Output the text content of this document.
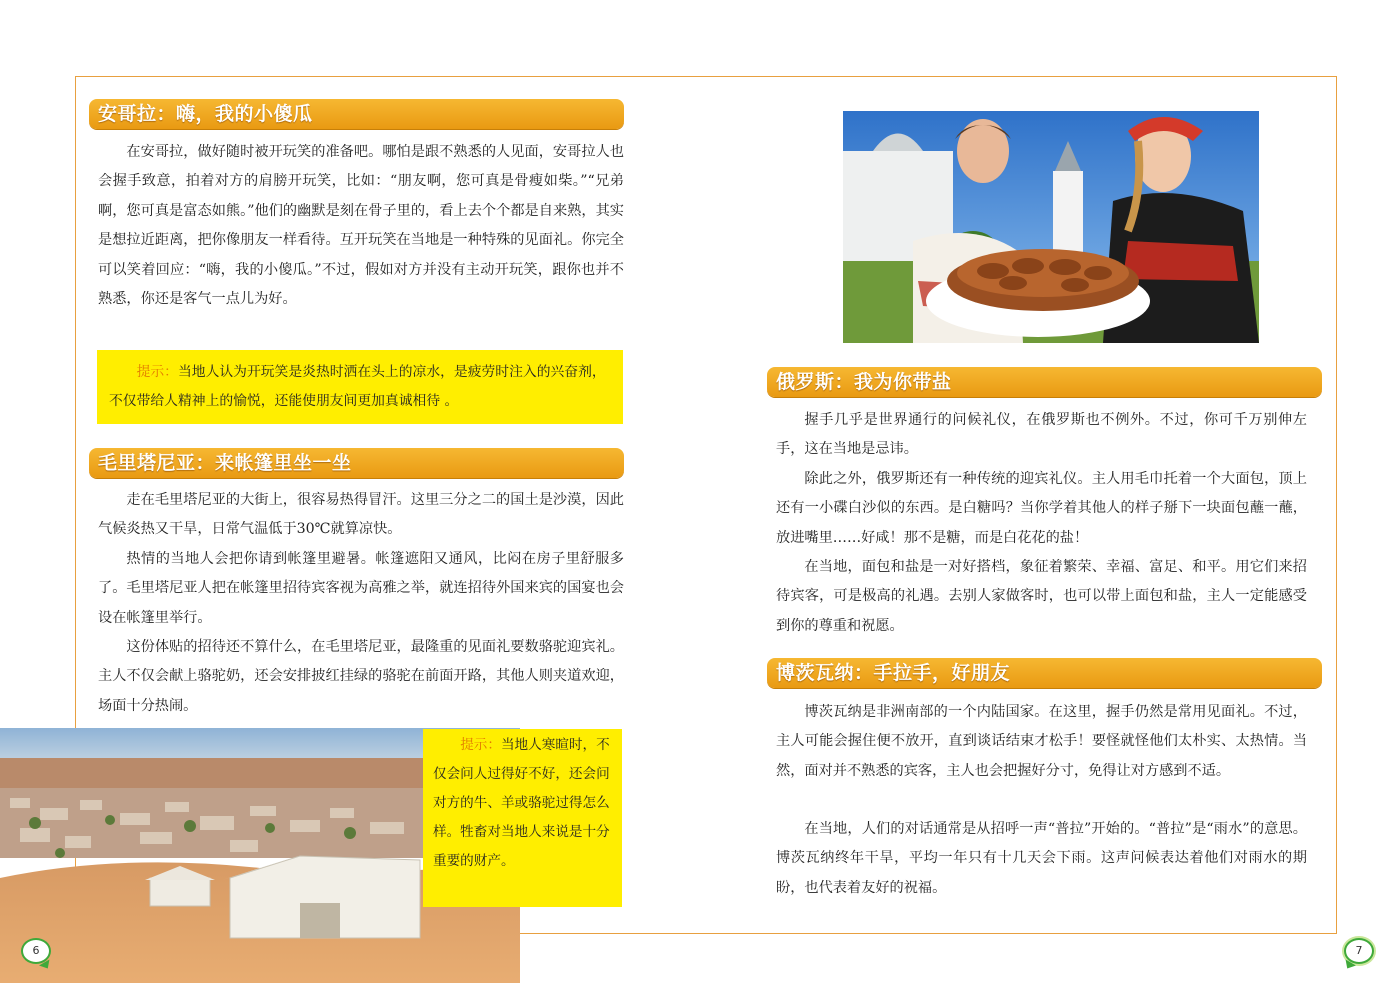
安哥拉：嗨，我的小傻瓜

在安哥拉，做好随时被开玩笑的准备吧。哪怕是跟不熟悉的人见面，安哥拉人也会握手致意，拍着对方的肩膀开玩笑，比如：“朋友啊，您可真是骨瘦如柴。”“兄弟啊，您可真是富态如熊。”他们的幽默是刻在骨子里的，看上去个个都是自来熟，其实是想拉近距离，把你像朋友一样看待。互开玩笑在当地是一种特殊的见面礼。你完全可以笑着回应：“嗨，我的小傻瓜。”不过，假如对方并没有主动开玩笑，跟你也并不熟悉，你还是客气一点儿为好。

提示：当地人认为开玩笑是炎热时洒在头上的凉水，是疲劳时注入的兴奋剂，不仅带给人精神上的愉悦，还能使朋友间更加真诚相待 。
毛里塔尼亚：来帐篷里坐一坐

走在毛里塔尼亚的大街上，很容易热得冒汗。这里三分之二的国土是沙漠，因此气候炎热又干旱，日常气温低于30℃就算凉快。

热情的当地人会把你请到帐篷里避暑。帐篷遮阳又通风，比闷在房子里舒服多了。毛里塔尼亚人把在帐篷里招待宾客视为高雅之举，就连招待外国来宾的国宴也会设在帐篷里举行。

这份体贴的招待还不算什么，在毛里塔尼亚，最隆重的见面礼要数骆驼迎宾礼。主人不仅会献上骆驼奶，还会安排披红挂绿的骆驼在前面开路，其他人则夹道欢迎，场面十分热闹。

提示：当地人寒暄时，不仅会问人过得好不好，还会问对方的牛、羊或骆驼过得怎么样。牲畜对当地人来说是十分重要的财产。
6
俄罗斯：我为你带盐

握手几乎是世界通行的问候礼仪，在俄罗斯也不例外。不过，你可千万别伸左手，这在当地是忌讳。

除此之外，俄罗斯还有一种传统的迎宾礼仪。主人用毛巾托着一个大面包，顶上还有一小碟白沙似的东西。是白糖吗？当你学着其他人的样子掰下一块面包蘸一蘸，放进嘴里……好咸！那不是糖，而是白花花的盐！

在当地，面包和盐是一对好搭档，象征着繁荣、幸福、富足、和平。用它们来招待宾客，可是极高的礼遇。去别人家做客时，也可以带上面包和盐，主人一定能感受到你的尊重和祝愿。

博茨瓦纳：手拉手，好朋友

博茨瓦纳是非洲南部的一个内陆国家。在这里，握手仍然是常用见面礼。不过，主人可能会握住便不放开，直到谈话结束才松手！要怪就怪他们太朴实、太热情。当然，面对并不熟悉的宾客，主人也会把握好分寸，免得让对方感到不适。

在当地，人们的对话通常是从招呼一声“普拉”开始的。“普拉”是“雨水”的意思。博茨瓦纳终年干旱，平均一年只有十几天会下雨。这声问候表达着他们对雨水的期盼，也代表着友好的祝福。

7
